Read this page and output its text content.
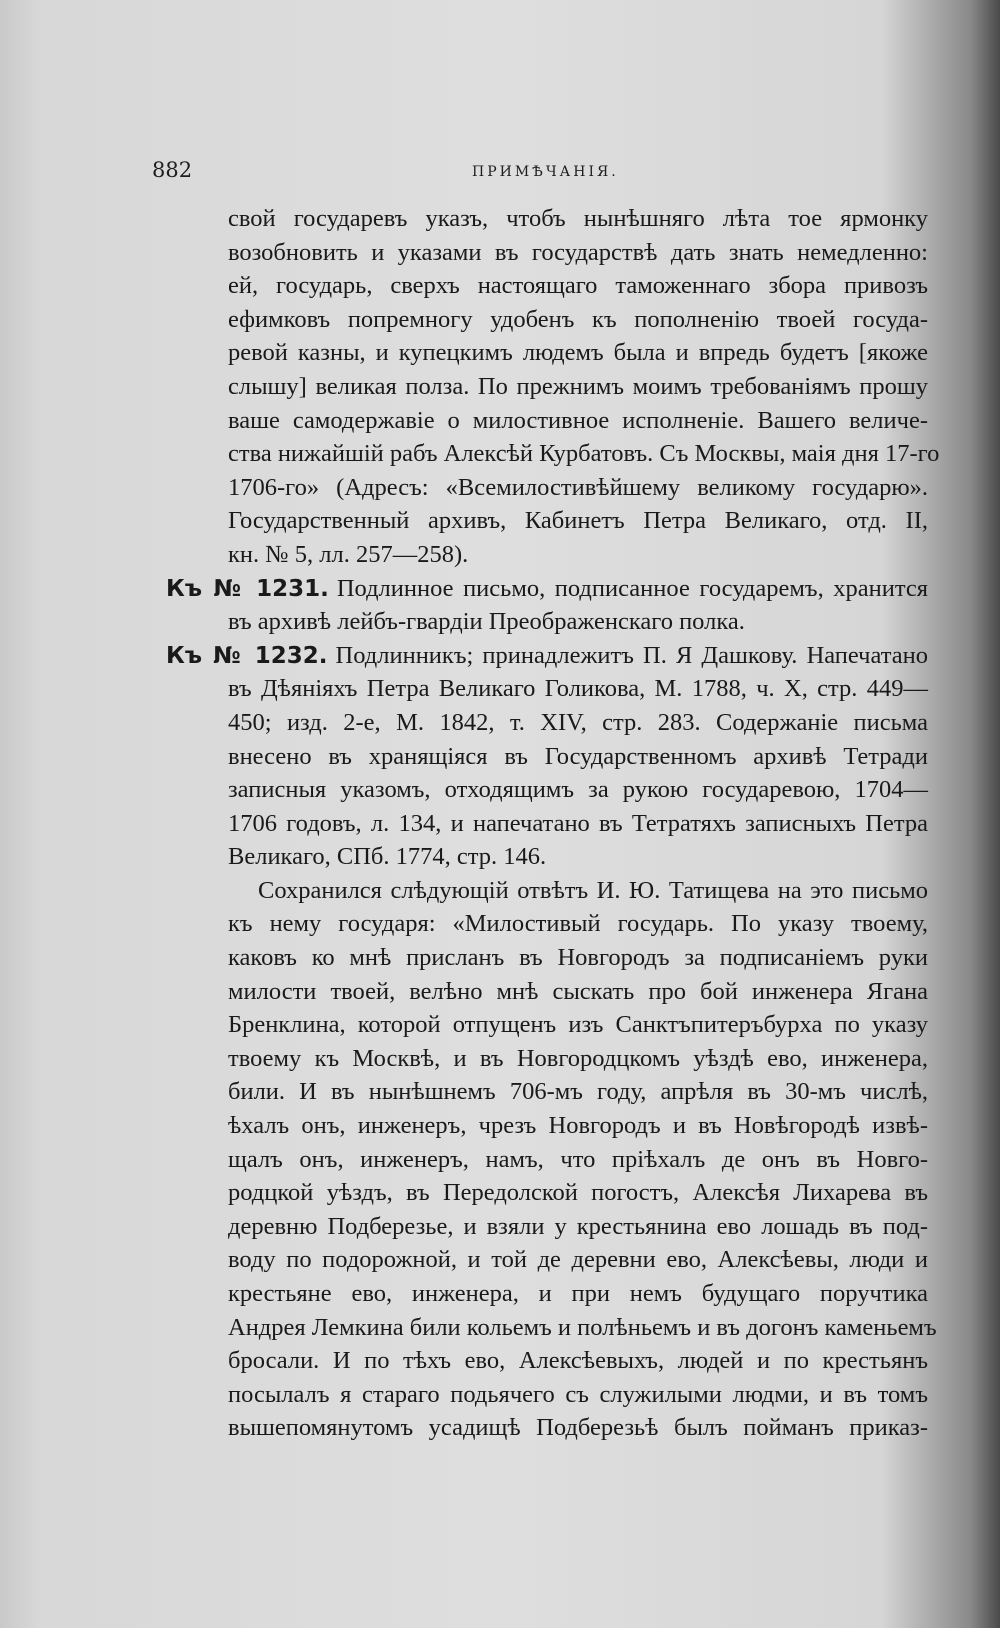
882	ПРИМѢЧАНІЯ.
свой государевъ указъ, чтобъ нынѣшняго лѣта тое ярмонку
возобновить и указами въ государствѣ дать знать немедленно:
ей, государь, сверхъ настоящаго таможеннаго збора привозъ
ефимковъ попремногу удобенъ къ пополненію твоей госуда-
ревой казны, и купецкимъ людемъ была и впредь будетъ [якоже
слышу] великая полза. По прежнимъ моимъ требованіямъ прошу
ваше самодержавіе о милостивное исполненіе. Вашего величе-
ства нижайшій рабъ Алексѣй Курбатовъ. Съ Москвы, маія дня 17-го
1706-го» (Адресъ: «Всемилостивѣйшему великому государю».
Государственный архивъ, Кабинетъ Петра Великаго, отд. II,
кн. № 5, лл. 257—258).
Къ № 1231. Подлинное письмо, подписанное государемъ, хранится
въ архивѣ лейбъ-гвардіи Преображенскаго полка.
Къ № 1232. Подлинникъ; принадлежитъ П. Я Дашкову. Напечатано
въ Дѣяніяхъ Петра Великаго Голикова, М. 1788, ч. X, стр. 449—
450; изд. 2-е, М. 1842, т. XIV, стр. 283. Содержаніе письма
внесено въ хранящіяся въ Государственномъ архивѣ Тетради
записныя указомъ, отходящимъ за рукою государевою, 1704—
1706 годовъ, л. 134, и напечатано въ Тетратяхъ записныхъ Петра
Великаго, СПб. 1774, стр. 146.
Сохранился слѣдующій отвѣтъ И. Ю. Татищева на это письмо
къ нему государя: «Милостивый государь. По указу твоему,
каковъ ко мнѣ присланъ въ Новгородъ за подписаніемъ руки
милости твоей, велѣно мнѣ сыскать про бой инженера Ягана
Бренклина, которой отпущенъ изъ Санктъпитеръбурха по указу
твоему къ Москвѣ, и въ Новгородцкомъ уѣздѣ ево, инженера,
били. И въ нынѣшнемъ 706-мъ году, апрѣля въ 30-мъ числѣ,
ѣхалъ онъ, инженеръ, чрезъ Новгородъ и въ Новѣгородѣ извѣ-
щалъ онъ, инженеръ, намъ, что пріѣхалъ де онъ въ Новго-
родцкой уѣздъ, въ Передолской погостъ, Алексѣя Лихарева въ
деревню Подберезье, и взяли у крестьянина ево лошадь въ под-
воду по подорожной, и той де деревни ево, Алексѣевы, люди и
крестьяне ево, инженера, и при немъ будущаго поручтика
Андрея Лемкина били кольемъ и полѣньемъ и въ догонъ каменьемъ
бросали. И по тѣхъ ево, Алексѣевыхъ, людей и по крестьянъ
посылалъ я стараго подьячего съ служилыми людми, и въ томъ
вышепомянутомъ усадищѣ Подберезьѣ былъ пойманъ приказ-
